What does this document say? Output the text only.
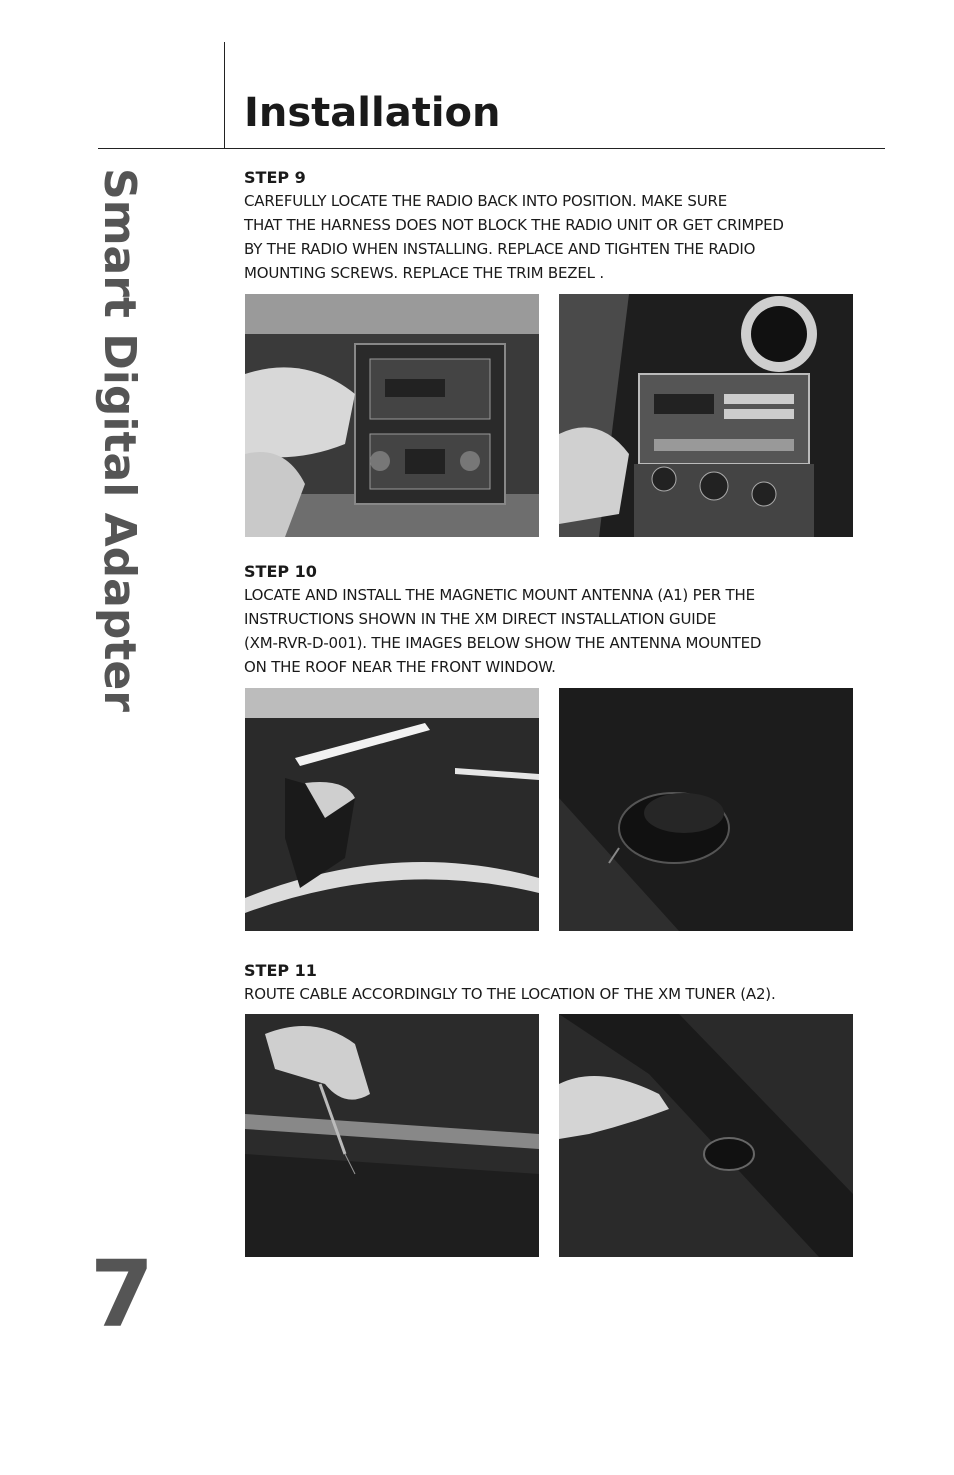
Installation
Smart Digital Adapter	STEP 9
CAREFULLY LOCATE THE RADIO BACK INTO POSITION. MAKE SURE
THAT THE HARNESS DOES NOT BLOCK THE RADIO UNIT OR GET CRIMPED
BY THE RADIO WHEN INSTALLING. REPLACE AND TIGHTEN THE RADIO
MOUNTING SCREWS. REPLACE THE TRIM BEZEL .
STEP 10
LOCATE AND INSTALL THE MAGNETIC MOUNT ANTENNA (A1) PER THE
INSTRUCTIONS SHOWN IN THE XM DIRECT INSTALLATION GUIDE
(XM-RVR-D-001). THE IMAGES BELOW SHOW THE ANTENNA MOUNTED
ON THE ROOF NEAR THE FRONT WINDOW.
STEP 11
ROUTE CABLE ACCORDINGLY TO THE LOCATION OF THE XM TUNER (A2).
7
